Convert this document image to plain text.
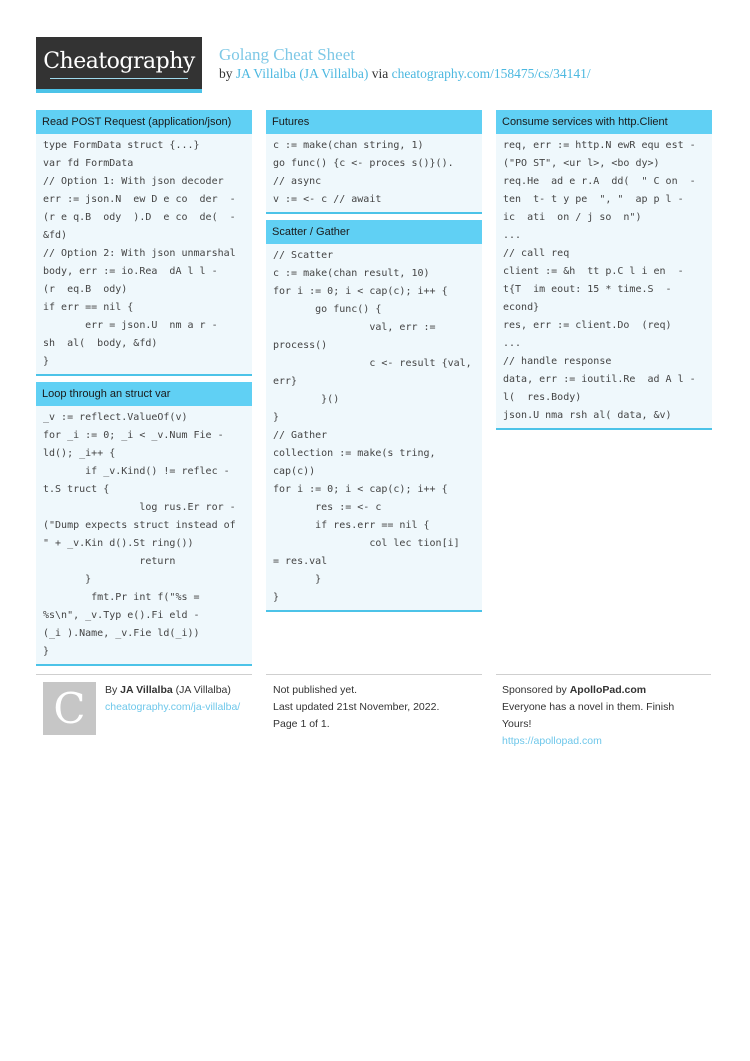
Cheatography	Golang Cheat Sheet
by JA Villalba (JA Villalba) via cheatography.com/158475/cs/34141/
Read POST Request (application/json)
type FormData struct {...}
var fd FormData
// Option 1: With json decoder
err := json.N  ew D e co  der  -
(r e q.B  ody  ).D  e co  de(  -
&fd)
// Option 2: With json unmarshal
body, err := io.Rea  dA l l -
(r  eq.B  ody)
if err == nil {
err = json.U  nm a r -
sh  al(  body, &fd)
}
Loop through an struct var
_v := reflect.ValueOf(v)
for _i := 0; _i < _v.Num Fie -
ld(); _i++ {
if _v.Kind() != reflec -
t.S truct {
log rus.Er ror -
("Dump expects struct instead of
" + _v.Kin d().St ring())
return
}
fmt.Pr int f("%s =
%s\n", _v.Typ e().Fi eld -
(_i ).Name, _v.Fie ld(_i))
}
Futures
c := make(chan string, 1)
go func() {c <- proces s()}().
// async
v := <- c // await
Scatter / Gather
// Scatter
c := make(chan result, 10)
for i := 0; i < cap(c); i++ {
go func() {
val, err :=
process()
c <- result {val,
err}
}()
}
// Gather
collection := make(s tring,
cap(c))
for i := 0; i < cap(c); i++ {
res := <- c
if res.err == nil {
col lec tion[i]
= res.val
}
}
Consume services with http.Client
req, err := http.N ewR equ est -
("PO ST", <ur l>, <bo dy>)
req.He  ad e r.A  dd(  " C on  -
ten  t- t y pe  ", "  ap p l -
ic  ati  on / j so  n")
...
// call req
client := &h  tt p.C l i en  -
t{T  im eout: 15 * time.S  -
econd}
res, err := client.Do  (req)
...
// handle response
data, err := ioutil.Re  ad A l -
l(  res.Body)
json.U nma rsh al( data, &v)
C	By JA Villalba (JA Villalba)
cheatography.com/ja-villalba/
Not published yet.
Last updated 21st November, 2022.
Page 1 of 1.
Sponsored by ApolloPad.com
Everyone has a novel in them. Finish
Yours!
https://apollopad.com
